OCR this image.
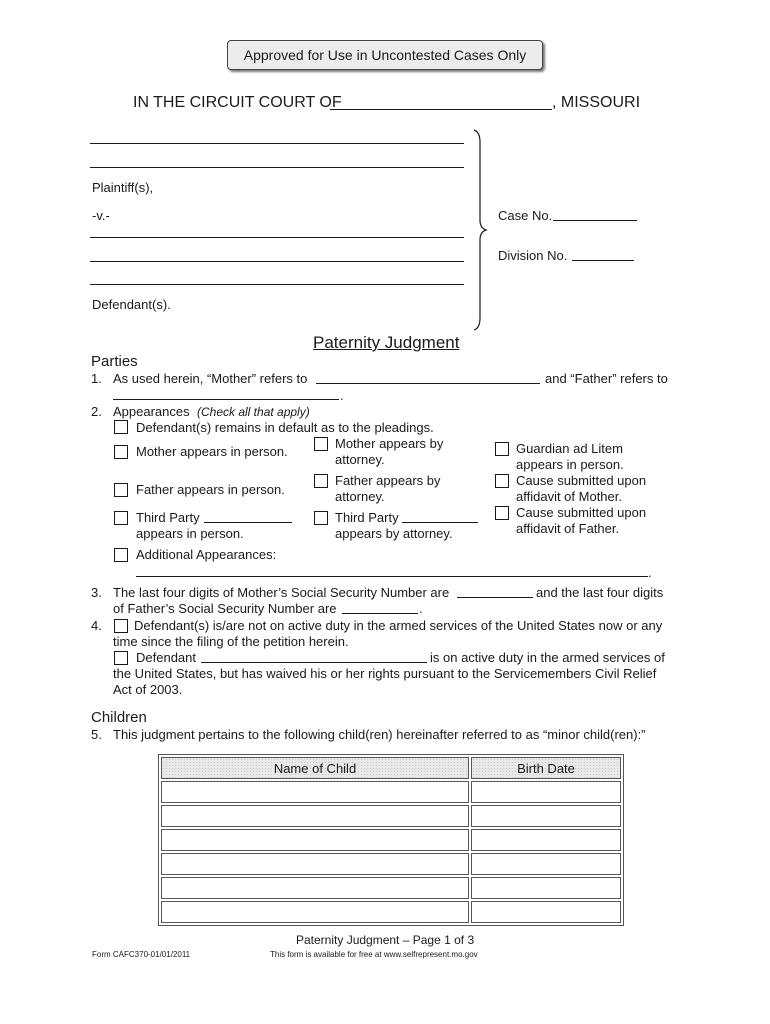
Approved for Use in Uncontested Cases Only
IN THE CIRCUIT COURT OF	, MISSOURI
Plaintiff(s),
-v.-
Defendant(s).
Case No.
Division No.
Paternity Judgment
Parties
1. As used herein, “Mother” refers to	and “Father” refers to
.
2. Appearances (Check all that apply)
Defendant(s) remains in default as to the pleadings.
Mother appears in person.
Mother appears by
attorney.
Guardian ad Litem
appears in person.
Father appears in person.
Father appears by
attorney.
Cause submitted upon
affidavit of Mother.
Third Party
appears in person.
Third Party
appears by attorney.
Cause submitted upon
affidavit of Father.
Additional Appearances:
.
3. The last four digits of Mother’s Social Security Number are	and the last four digits
of Father’s Social Security Number are	.
4. Defendant(s) is/are not on active duty in the armed services of the United States now or any
time since the filing of the petition herein.
Defendant	is on active duty in the armed services of
the United States, but has waived his or her rights pursuant to the Servicemembers Civil Relief
Act of 2003.
Children
5. This judgment pertains to the following child(ren) hereinafter referred to as “minor child(ren):”
Name of Child	Birth Date

Paternity Judgment – Page 1 of 3
Form CAFC370-01/01/2011	This form is available for free at www.selfrepresent.mo.gov
